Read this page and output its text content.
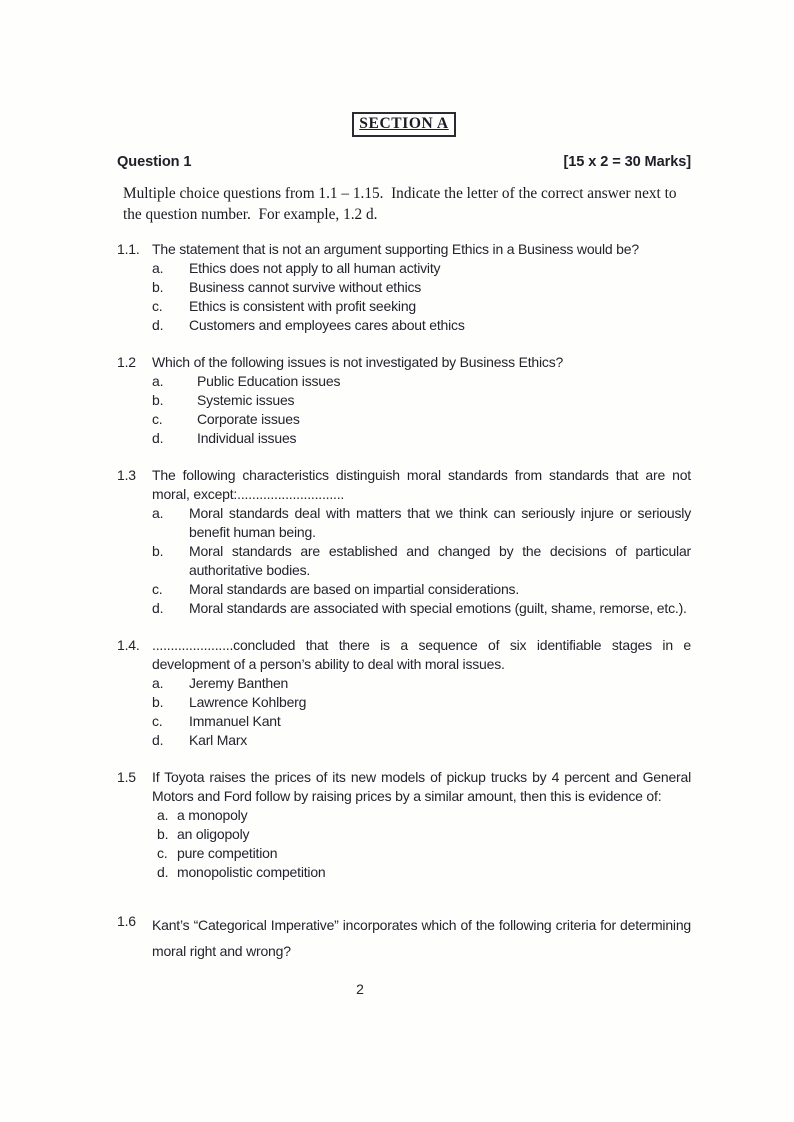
SECTION A
Question 1	[15 x 2 = 30 Marks]

Multiple choice questions from 1.1 – 1.15.  Indicate the letter of the correct answer next to the question number.  For example, 1.2 d.

1.1. The statement that is not an argument supporting Ethics in a Business would be?
a.	Ethics does not apply to all human activity
b.	Business cannot survive without ethics
c.	Ethics is consistent with profit seeking
d.	Customers and employees cares about ethics
1.2	Which of the following issues is not investigated by Business Ethics?
a.	Public Education issues
b.	Systemic issues
c.	Corporate issues
d.	Individual issues
1.3	The following characteristics distinguish moral standards from standards that are not moral, except:.............................
a.	Moral standards deal with matters that we think can seriously injure or seriously benefit human being.
b.	Moral standards are established and changed by the decisions of particular authoritative bodies.
c.	Moral standards are based on impartial considerations.
d.	Moral standards are associated with special emotions (guilt, shame, remorse, etc.).
1.4. ......................concluded that there is a sequence of six identifiable stages in e development of a person’s ability to deal with moral issues.
a.	Jeremy Banthen
b.	Lawrence Kohlberg
c.	Immanuel Kant
d.	Karl Marx
1.5	If Toyota raises the prices of its new models of pickup trucks by 4 percent and General Motors and Ford follow by raising prices by a similar amount, then this is evidence of:
a. a monopoly
b. an oligopoly
c. pure competition
d. monopolistic competition
1.6	Kant’s “Categorical Imperative” incorporates which of the following criteria for determining moral right and wrong?
2
